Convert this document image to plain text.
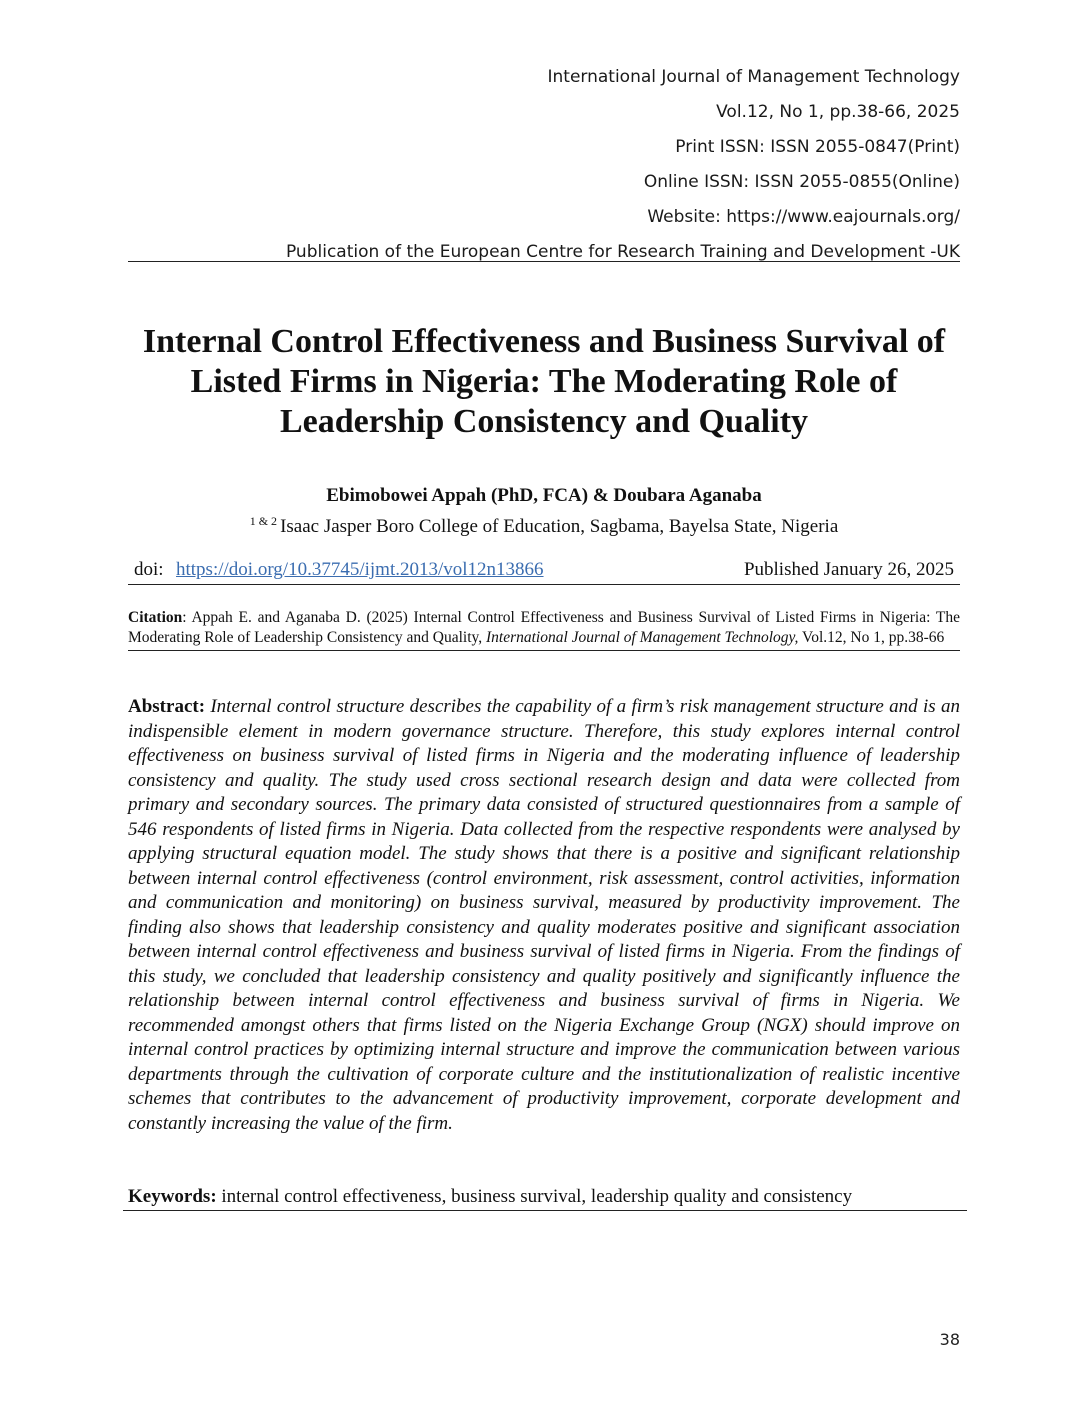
International Journal of Management Technology
Vol.12, No 1, pp.38-66, 2025
Print ISSN: ISSN 2055-0847(Print)
Online ISSN: ISSN 2055-0855(Online)
Website: https://www.eajournals.org/
Publication of the European Centre for Research Training and Development -UK
Internal Control Effectiveness and Business Survival of Listed Firms in Nigeria: The Moderating Role of Leadership Consistency and Quality
Ebimobowei Appah (PhD, FCA) & Doubara Aganaba
$^{1 \& 2}$ Isaac Jasper Boro College of Education, Sagbama, Bayelsa State, Nigeria
doi: https://doi.org/10.37745/ijmt.2013/vol12n13866	Published January 26, 2025
Citation: Appah E. and Aganaba D. (2025) Internal Control Effectiveness and Business Survival of Listed Firms in Nigeria: The Moderating Role of Leadership Consistency and Quality, International Journal of Management Technology, Vol.12, No 1, pp.38-66
Abstract: Internal control structure describes the capability of a firm’s risk management structure and is an indispensible element in modern governance structure. Therefore, this study explores internal control effectiveness on business survival of listed firms in Nigeria and the moderating influence of leadership consistency and quality. The study used cross sectional research design and data were collected from primary and secondary sources. The primary data consisted of structured questionnaires from a sample of 546 respondents of listed firms in Nigeria. Data collected from the respective respondents were analysed by applying structural equation model. The study shows that there is a positive and significant relationship between internal control effectiveness (control environment, risk assessment, control activities, information and communication and monitoring) on business survival, measured by productivity improvement. The finding also shows that leadership consistency and quality moderates positive and significant association between internal control effectiveness and business survival of listed firms in Nigeria. From the findings of this study, we concluded that leadership consistency and quality positively and significantly influence the relationship between internal control effectiveness and business survival of firms in Nigeria. We recommended amongst others that firms listed on the Nigeria Exchange Group (NGX) should improve on internal control practices by optimizing internal structure and improve the communication between various departments through the cultivation of corporate culture and the institutionalization of realistic incentive schemes that contributes to the advancement of productivity improvement, corporate development and constantly increasing the value of the firm.
Keywords: internal control effectiveness, business survival, leadership quality and consistency
38
